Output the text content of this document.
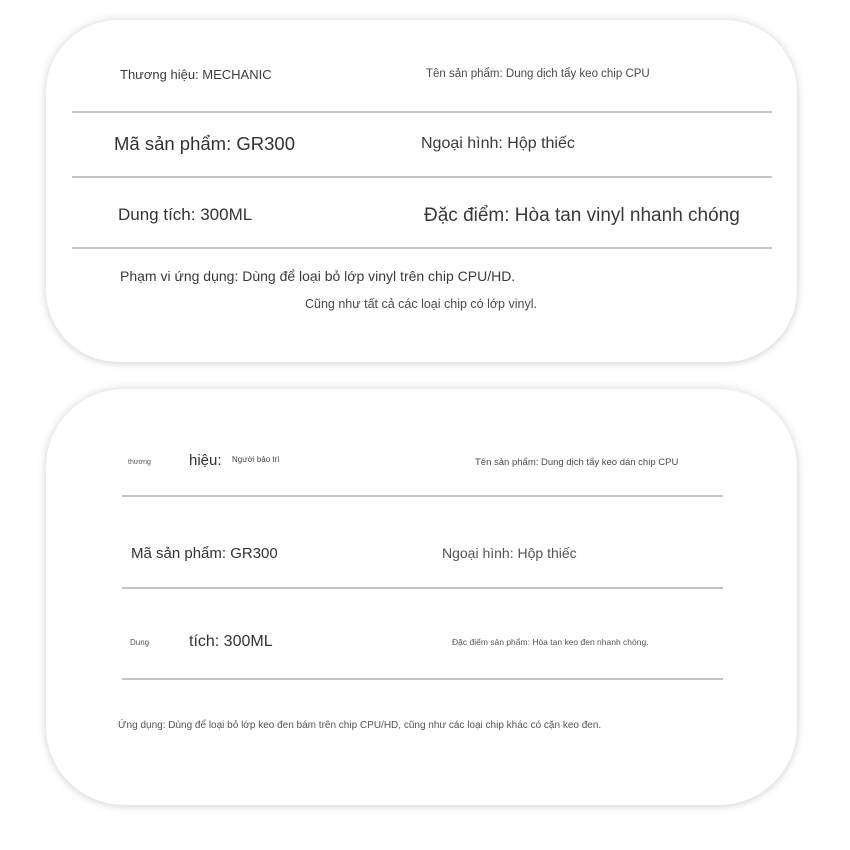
Thương hiệu: MECHANIC	Tên sản phẩm: Dung dịch tẩy keo chip CPU
Mã sản phẩm: GR300	Ngoại hình: Hộp thiếc
Dung tích: 300ML	Đặc điểm: Hòa tan vinyl nhanh chóng
Phạm vi ứng dụng: Dùng để loại bỏ lớp vinyl trên chip CPU/HD.
Cũng như tất cả các loại chip có lớp vinyl.
thương	hiệu: Người bảo trì	Tên sản phẩm: Dung dịch tẩy keo dán chip CPU
Mã sản phẩm: GR300	Ngoại hình: Hộp thiếc
Dung tích: 300ML	Đặc điểm sản phẩm: Hòa tan keo đen nhanh chóng.
Ứng dụng: Dùng để loại bỏ lớp keo đen bám trên chip CPU/HD, cũng như các loại chip khác có cặn keo đen.
